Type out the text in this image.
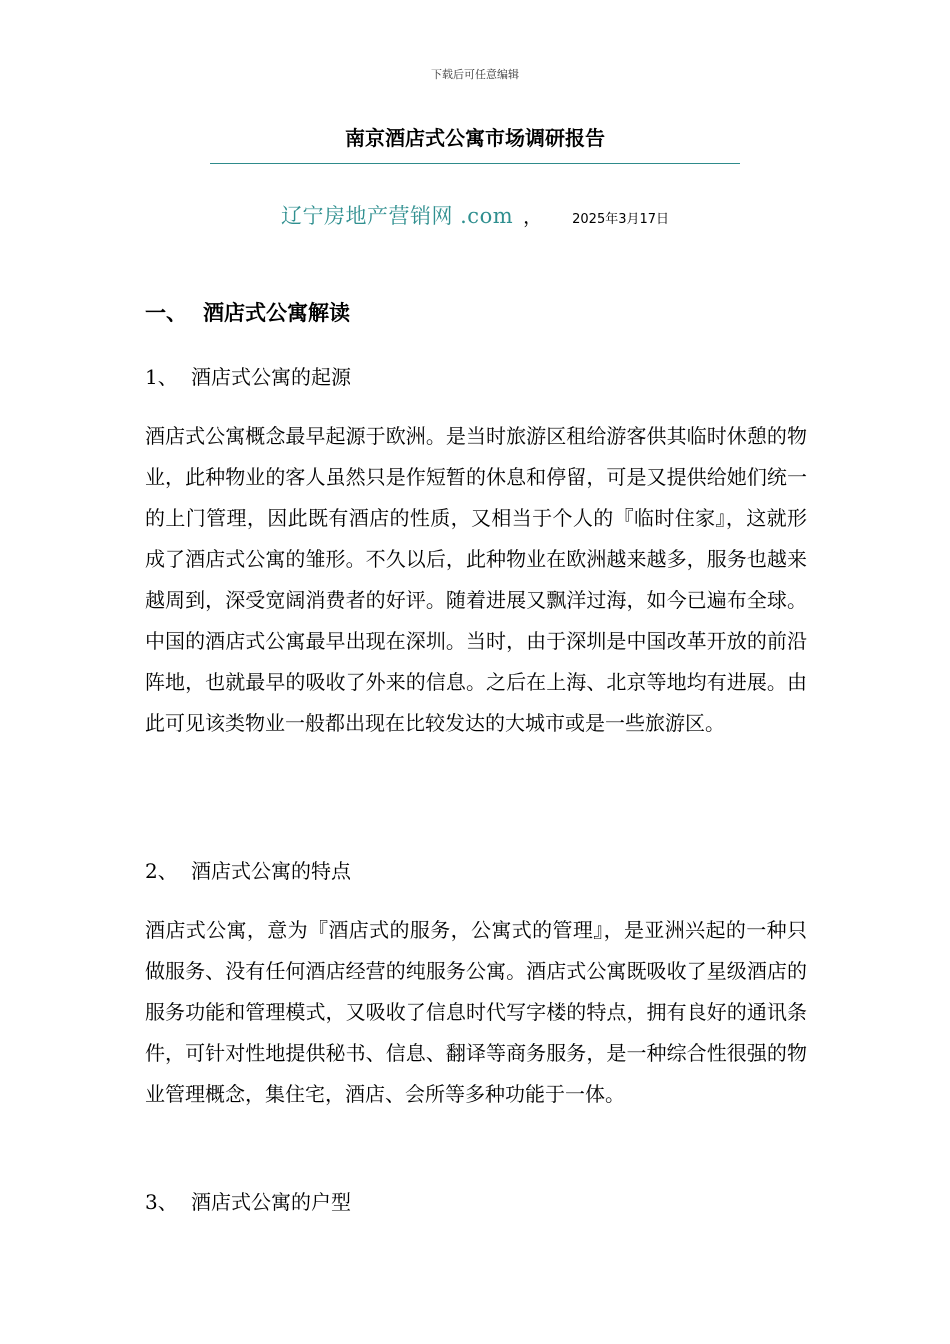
下载后可任意编辑
南京酒店式公寓市场调研报告
辽宁房地产营销网 .com ， 2025年3月17日
一、 酒店式公寓解读
1、 酒店式公寓的起源
酒店式公寓概念最早起源于欧洲。是当时旅游区租给游客供其临时休憩的物业，此种物业的客人虽然只是作短暂的休息和停留，可是又提供给她们统一的上门管理，因此既有酒店的性质，又相当于个人的『临时住家』，这就形成了酒店式公寓的雏形。不久以后，此种物业在欧洲越来越多，服务也越来越周到，深受宽阔消费者的好评。随着进展又飘洋过海，如今已遍布全球。中国的酒店式公寓最早出现在深圳。当时，由于深圳是中国改革开放的前沿阵地，也就最早的吸收了外来的信息。之后在上海、北京等地均有进展。由此可见该类物业一般都出现在比较发达的大城市或是一些旅游区。
2、 酒店式公寓的特点
酒店式公寓，意为『酒店式的服务，公寓式的管理』，是亚洲兴起的一种只做服务、没有任何酒店经营的纯服务公寓。酒店式公寓既吸收了星级酒店的服务功能和管理模式，又吸收了信息时代写字楼的特点，拥有良好的通讯条件，可针对性地提供秘书、信息、翻译等商务服务，是一种综合性很强的物业管理概念，集住宅，酒店、会所等多种功能于一体。
3、 酒店式公寓的户型
